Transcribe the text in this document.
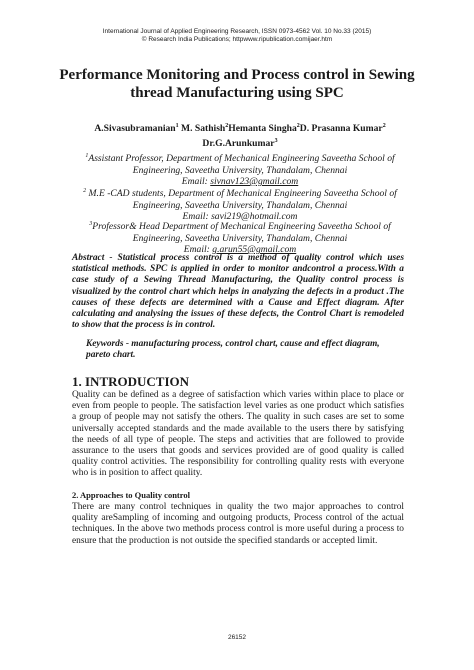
International Journal of Applied Engineering Research, ISSN 0973-4562 Vol. 10 No.33 (2015)
© Research India Publications; httpwww.ripublication.comijaer.htm
Performance Monitoring and Process control in Sewing
thread Manufacturing using SPC
A.Sivasubramanian$^1$ M. Sathish$^2$Hemanta Singha$^2$D. Prasanna Kumar$^2$
Dr.G.Arunkumar$^3$
$^1$Assistant Professor, Department of Mechanical Engineering Saveetha School of
Engineering, Saveetha University, Thandalam, Chennai
Email: sivnav123@gmail.com
$^2$ M.E -CAD students, Department of Mechanical Engineering Saveetha School of
Engineering, Saveetha University, Thandalam, Chennai
Email: savi219@hotmail.com
$^3$Professor& Head Department of Mechanical Engineering Saveetha School of
Engineering, Saveetha University, Thandalam, Chennai
Email: g.arun55@gmail.com
Abstract - Statistical process control is a method of quality control which uses statistical methods. SPC is applied in order to monitor andcontrol a process.With a case study of a Sewing Thread Manufacturing, the Quality control process is visualized by the control chart which helps in analyzing the defects in a product .The causes of these defects are determined with a Cause and Effect diagram. After calculating and analysing the issues of these defects, the Control Chart is remodeled to show that the process is in control.
Keywords - manufacturing process, control chart, cause and effect diagram, pareto chart.
1. INTRODUCTION
Quality can be defined as a degree of satisfaction which varies within place to place or even from people to people. The satisfaction level varies as one product which satisfies a group of people may not satisfy the others. The quality in such cases are set to some universally accepted standards and the made available to the users there by satisfying the needs of all type of people. The steps and activities that are followed to provide assurance to the users that goods and services provided are of good quality is called quality control activities. The responsibility for controlling quality rests with everyone who is in position to affect quality.
2. Approaches to Quality control
There are many control techniques in quality the two major approaches to control quality areSampling of incoming and outgoing products, Process control of the actual techniques. In the above two methods process control is more useful during a process to ensure that the production is not outside the specified standards or accepted limit.
26152
